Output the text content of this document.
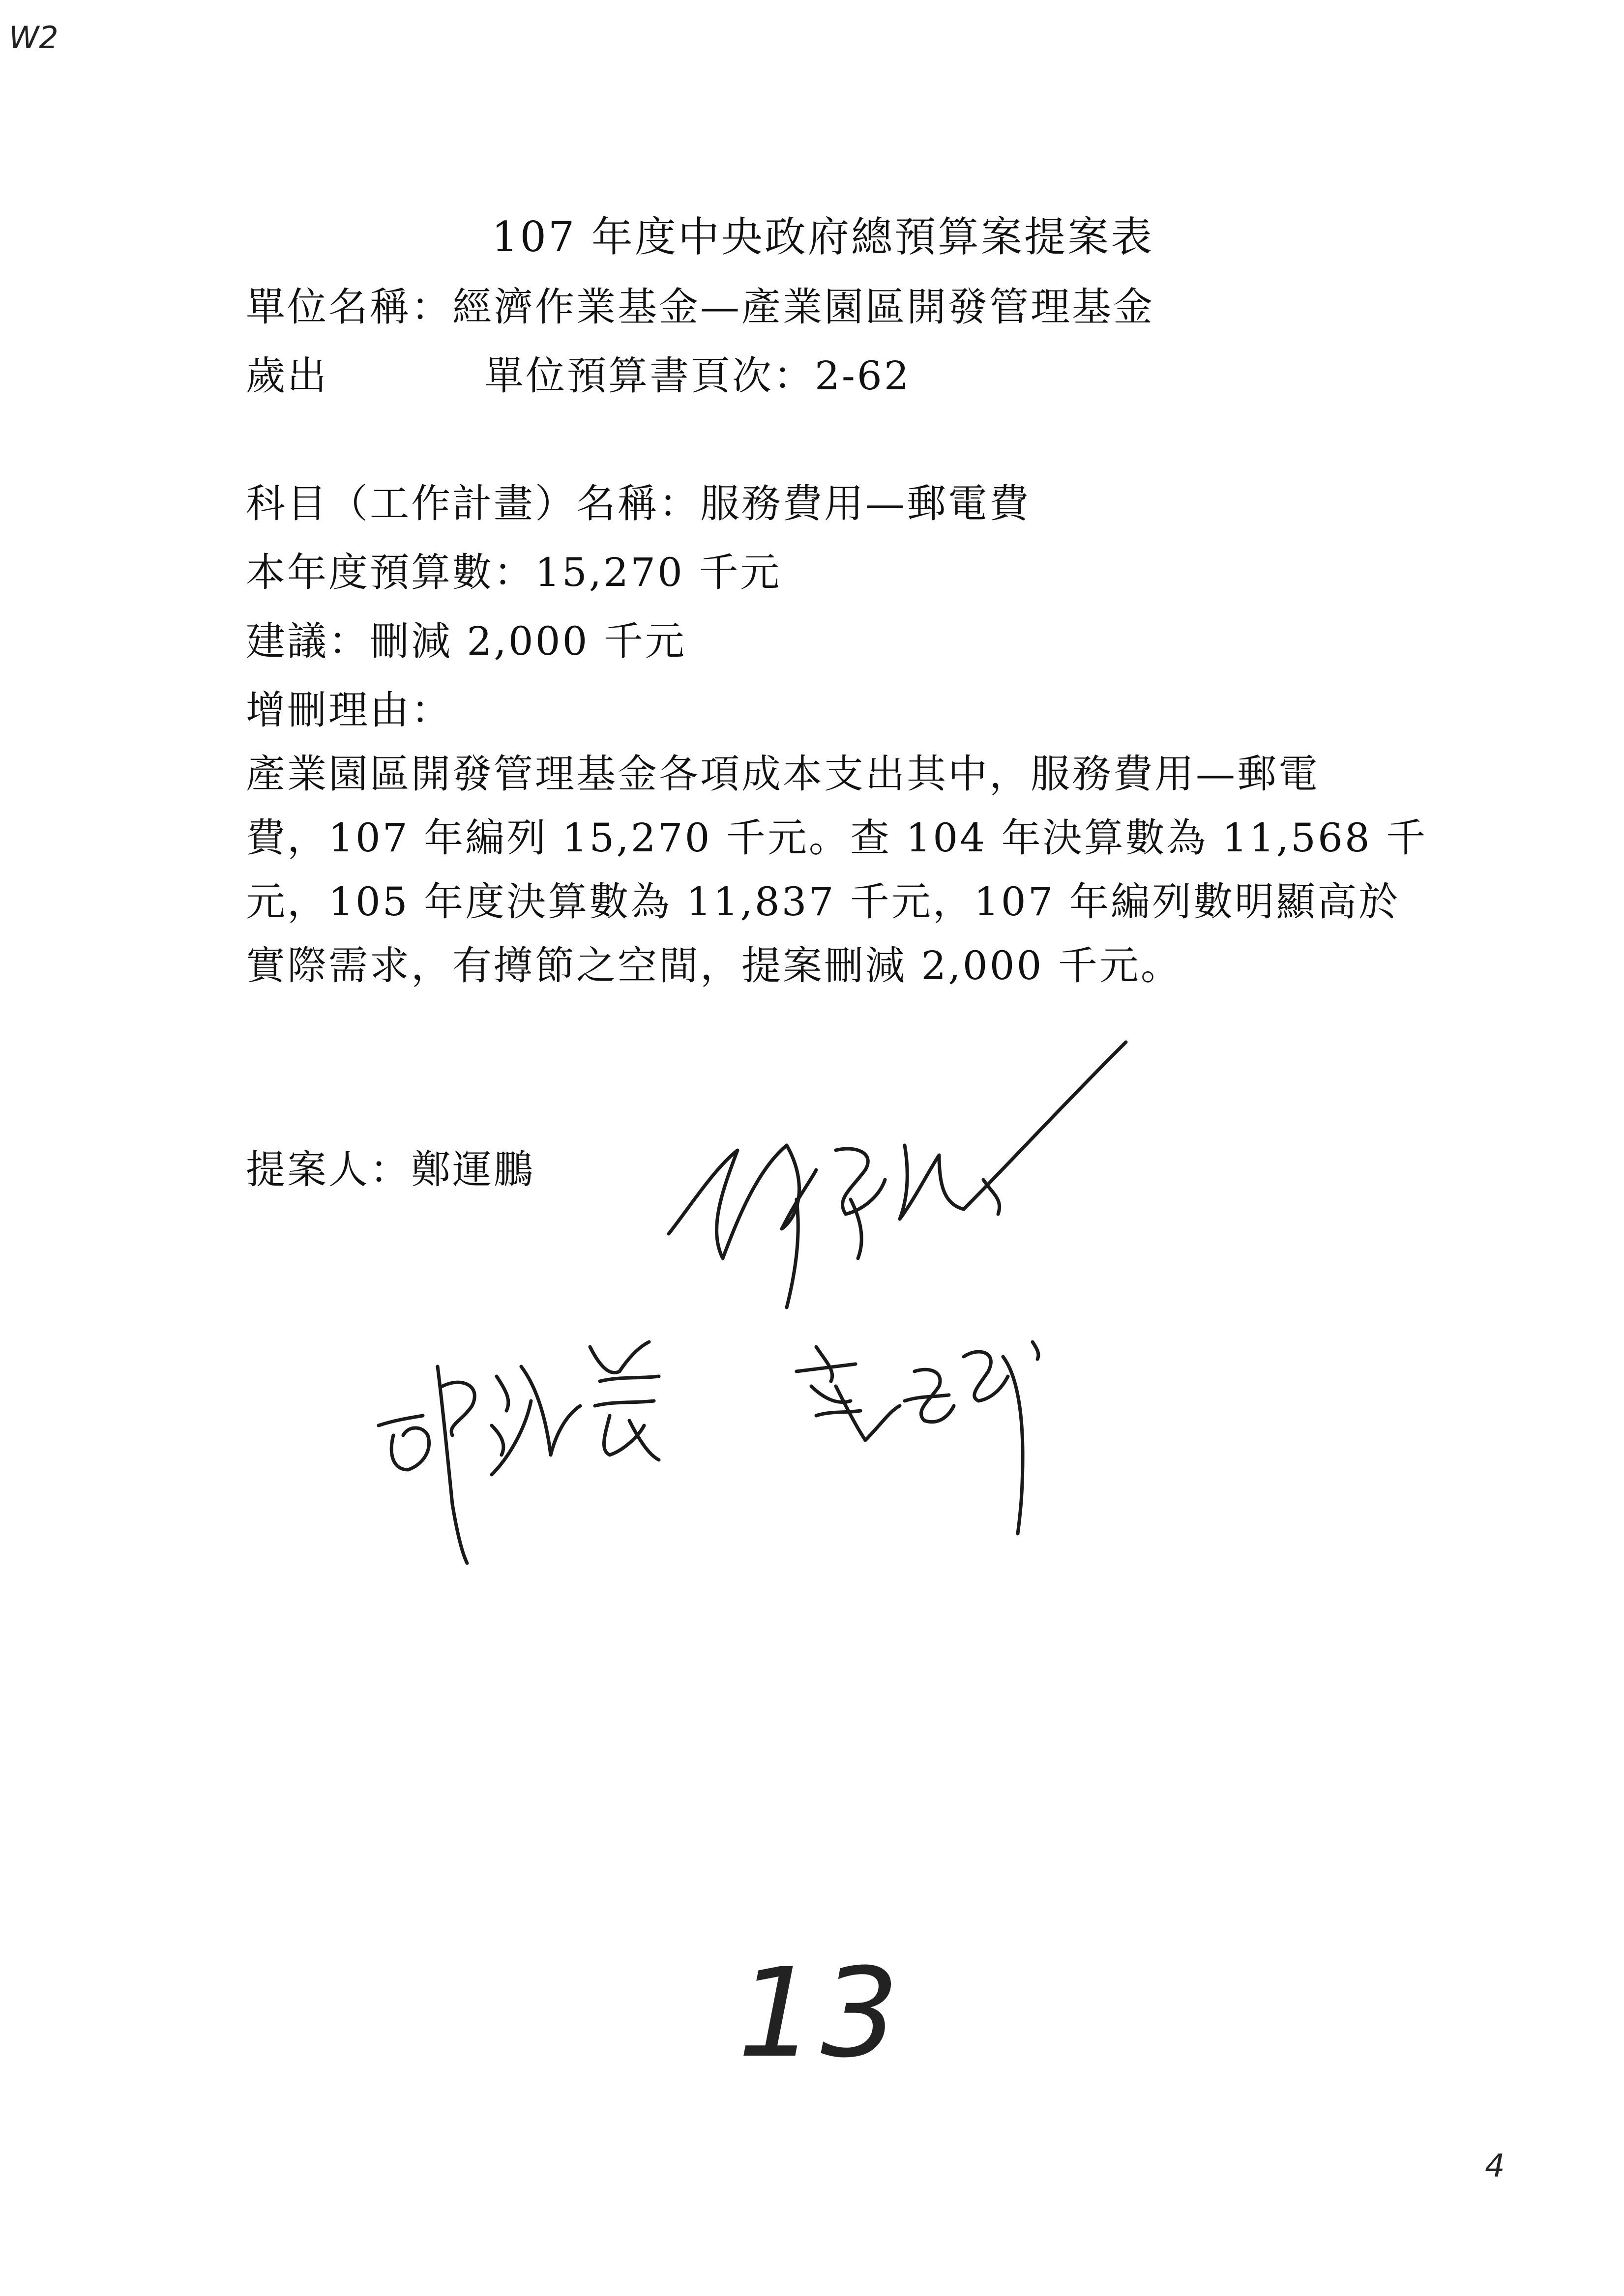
W2
107 年度中央政府總預算案提案表
單位名稱：經濟作業基金—產業園區開發管理基金
歲出	單位預算書頁次：2-62
科目（工作計畫）名稱：服務費用—郵電費
本年度預算數：15,270 千元
建議：刪減 2,000 千元
增刪理由：
產業園區開發管理基金各項成本支出其中，服務費用—郵電
費，107 年編列 15,270 千元。查 104 年決算數為 11,568 千
元，105 年度決算數為 11,837 千元，107 年編列數明顯高於
實際需求，有撙節之空間，提案刪減 2,000 千元。
提案人：鄭運鵬
13
4
